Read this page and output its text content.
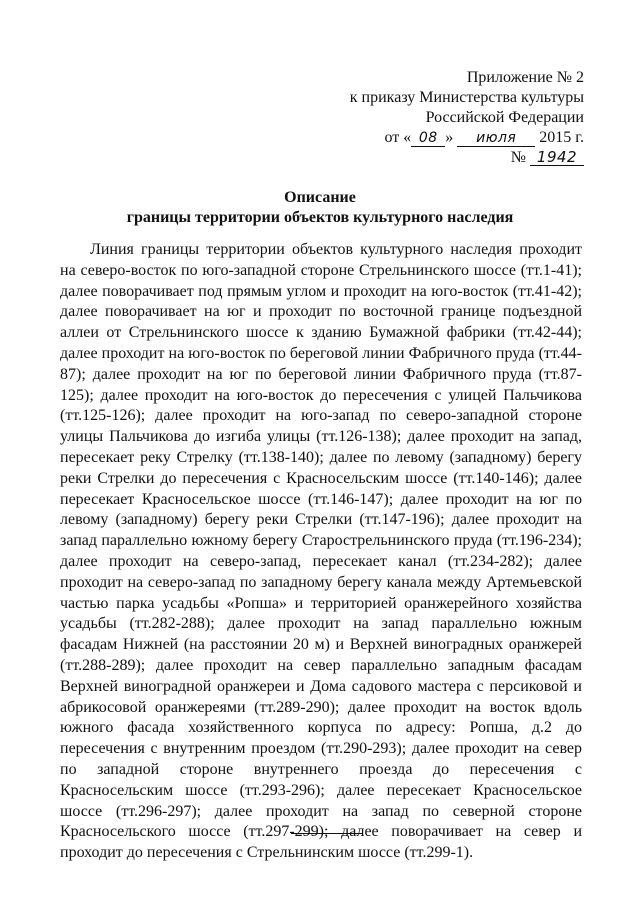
Приложение № 2
к приказу Министерства культуры
Российской Федерации
от « 08 » июля 2015 г.
№ 1942
Описание
границы территории объектов культурного наследия

Линия границы территории объектов культурного наследия проходит на северо-восток по юго-западной стороне Стрельнинского шоссе (тт.1-41); далее поворачивает под прямым углом и проходит на юго-восток (тт.41-42); далее поворачивает на юг и проходит по восточной границе подъездной аллеи от Стрельнинского шоссе к зданию Бумажной фабрики (тт.42-44); далее проходит на юго-восток по береговой линии Фабричного пруда (тт.44-87); далее проходит на юг по береговой линии Фабричного пруда (тт.87-125); далее проходит на юго-восток до пересечения с улицей Пальчикова (тт.125-126); далее проходит на юго-запад по северо-западной стороне улицы Пальчикова до изгиба улицы (тт.126-138); далее проходит на запад, пересекает реку Стрелку (тт.138-140); далее по левому (западному) берегу реки Стрелки до пересечения с Красносельским шоссе (тт.140-146); далее пересекает Красносельское шоссе (тт.146-147); далее проходит на юг по левому (западному) берегу реки Стрелки (тт.147-196); далее проходит на запад параллельно южному берегу Старострельнинского пруда (тт.196-234); далее проходит на северо-запад, пересекает канал (тт.234-282); далее проходит на северо-запад по западному берегу канала между Артемьевской частью парка усадьбы «Ропша» и территорией оранжерейного хозяйства усадьбы (тт.282-288); далее проходит на запад параллельно южным фасадам Нижней (на расстоянии 20 м) и Верхней виноградных оранжерей (тт.288-289); далее проходит на север параллельно западным фасадам Верхней виноградной оранжереи и Дома садового мастера с персиковой и абрикосовой оранжереями (тт.289-290); далее проходит на восток вдоль южного фасада хозяйственного корпуса по адресу: Ропша, д.2 до пересечения с внутренним проездом (тт.290-293); далее проходит на север по западной стороне внутреннего проезда до пересечения с Красносельским шоссе (тт.293-296); далее пересекает Красносельское шоссе (тт.296-297); далее проходит на запад по северной стороне Красносельского шоссе (тт.297-299); далее поворачивает на север и проходит до пересечения с Стрельнинским шоссе (тт.299-1).
